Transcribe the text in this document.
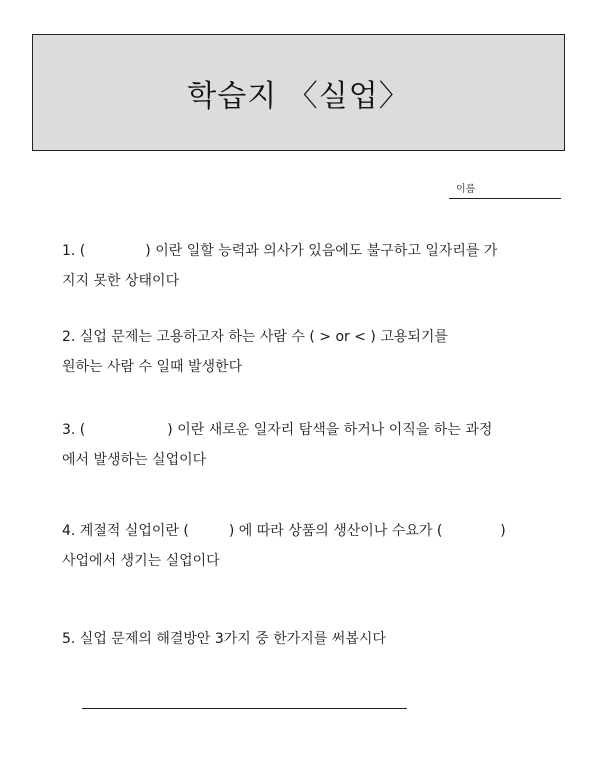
학습지 〈실업〉
이름
1. (	) 이란 일할 능력과 의사가 있음에도 불구하고 일자리를 가
지지 못한 상태이다
2. 실업 문제는 고용하고자 하는 사람 수 ( > or < ) 고용되기를
원하는 사람 수 일때 발생한다
3. (	) 이란 새로운 일자리 탐색을 하거나 이직을 하는 과정
에서 발생하는 실업이다
4. 계절적 실업이란 (	) 에 따라 상품의 생산이나 수요가 (	)
사업에서 생기는 실업이다
5. 실업 문제의 해결방안 3가지 중 한가지를 써봅시다
